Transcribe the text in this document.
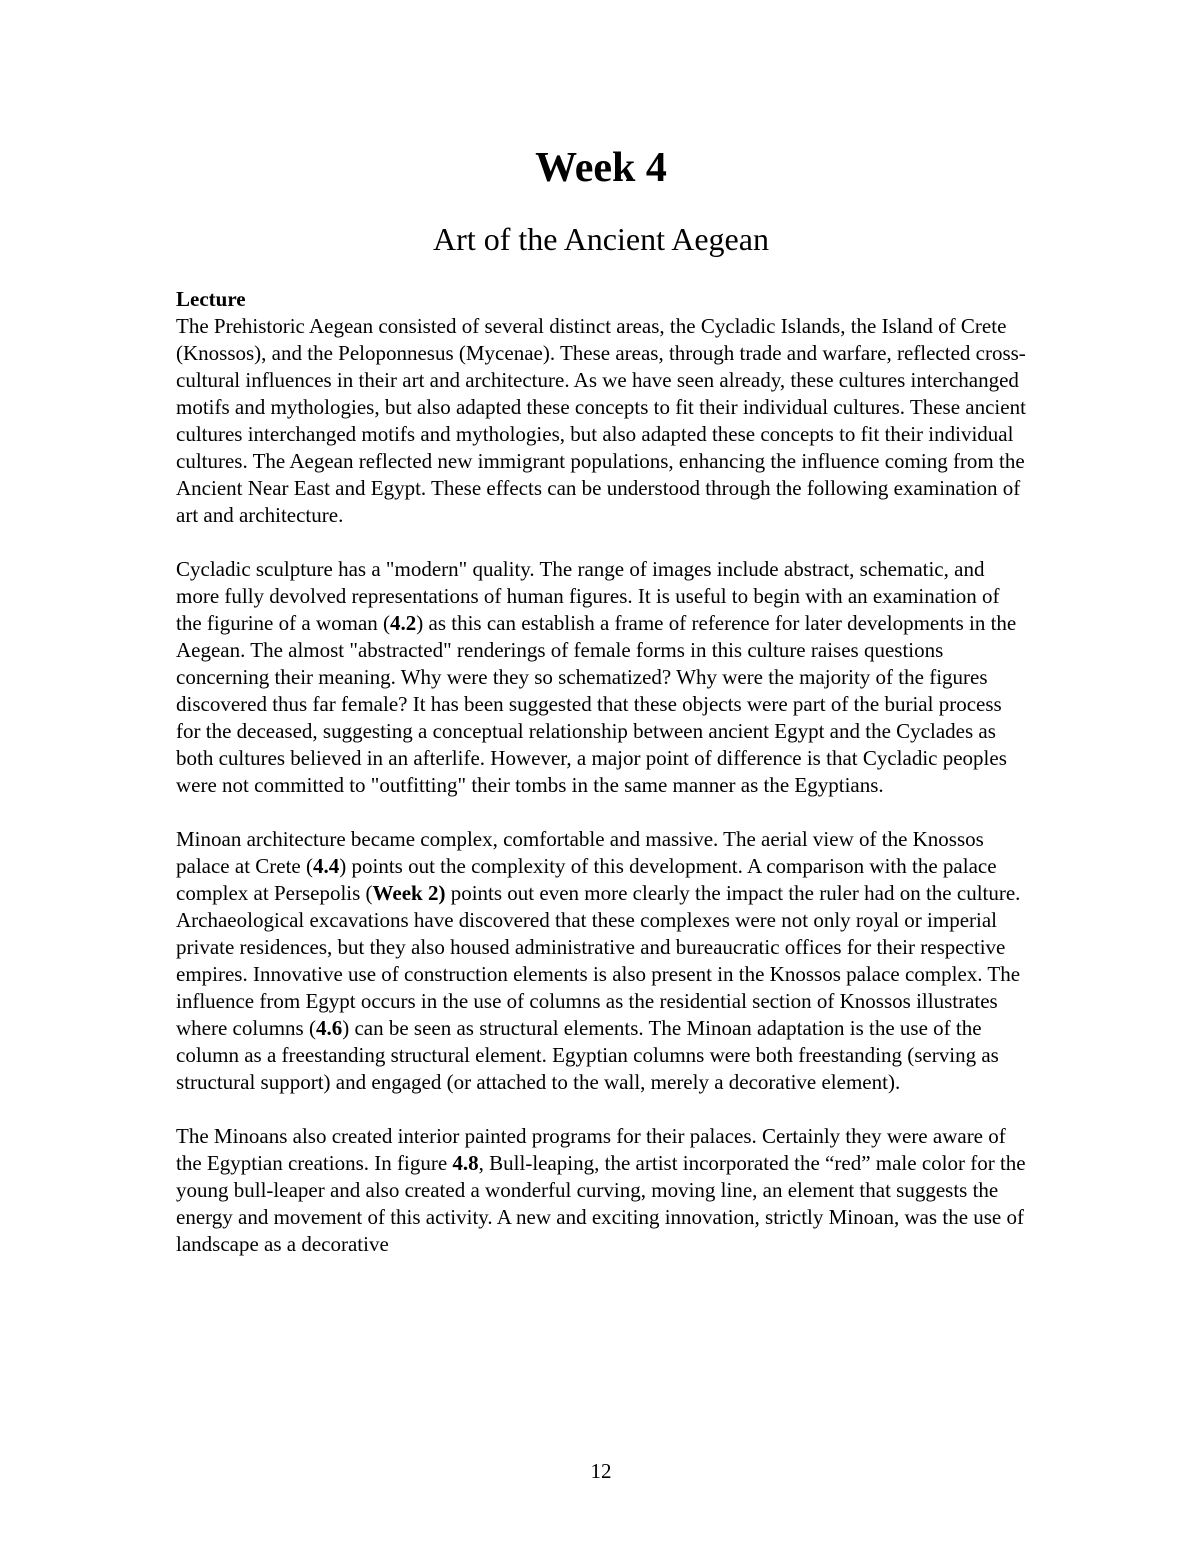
Week 4
Art of the Ancient Aegean

Lecture

The Prehistoric Aegean consisted of several distinct areas, the Cycladic Islands, the Island of Crete (Knossos), and the Peloponnesus (Mycenae). These areas, through trade and warfare, reflected cross-cultural influences in their art and architecture. As we have seen already, these cultures interchanged motifs and mythologies, but also adapted these concepts to fit their individual cultures. These ancient cultures interchanged motifs and mythologies, but also adapted these concepts to fit their individual cultures. The Aegean reflected new immigrant populations, enhancing the influence coming from the Ancient Near East and Egypt. These effects can be understood through the following examination of art and architecture.

Cycladic sculpture has a "modern" quality. The range of images include abstract, schematic, and more fully devolved representations of human figures. It is useful to begin with an examination of the figurine of a woman (4.2) as this can establish a frame of reference for later developments in the Aegean. The almost "abstracted" renderings of female forms in this culture raises questions concerning their meaning. Why were they so schematized? Why were the majority of the figures discovered thus far female? It has been suggested that these objects were part of the burial process for the deceased, suggesting a conceptual relationship between ancient Egypt and the Cyclades as both cultures believed in an afterlife. However, a major point of difference is that Cycladic peoples were not committed to "outfitting" their tombs in the same manner as the Egyptians.

Minoan architecture became complex, comfortable and massive. The aerial view of the Knossos palace at Crete (4.4) points out the complexity of this development. A comparison with the palace complex at Persepolis (Week 2) points out even more clearly the impact the ruler had on the culture. Archaeological excavations have discovered that these complexes were not only royal or imperial private residences, but they also housed administrative and bureaucratic offices for their respective empires. Innovative use of construction elements is also present in the Knossos palace complex. The influence from Egypt occurs in the use of columns as the residential section of Knossos illustrates where columns (4.6) can be seen as structural elements. The Minoan adaptation is the use of the column as a freestanding structural element. Egyptian columns were both freestanding (serving as structural support) and engaged (or attached to the wall, merely a decorative element).

The Minoans also created interior painted programs for their palaces. Certainly they were aware of the Egyptian creations. In figure 4.8, Bull-leaping, the artist incorporated the “red” male color for the young bull-leaper and also created a wonderful curving, moving line, an element that suggests the energy and movement of this activity. A new and exciting innovation, strictly Minoan, was the use of landscape as a decorative

12
